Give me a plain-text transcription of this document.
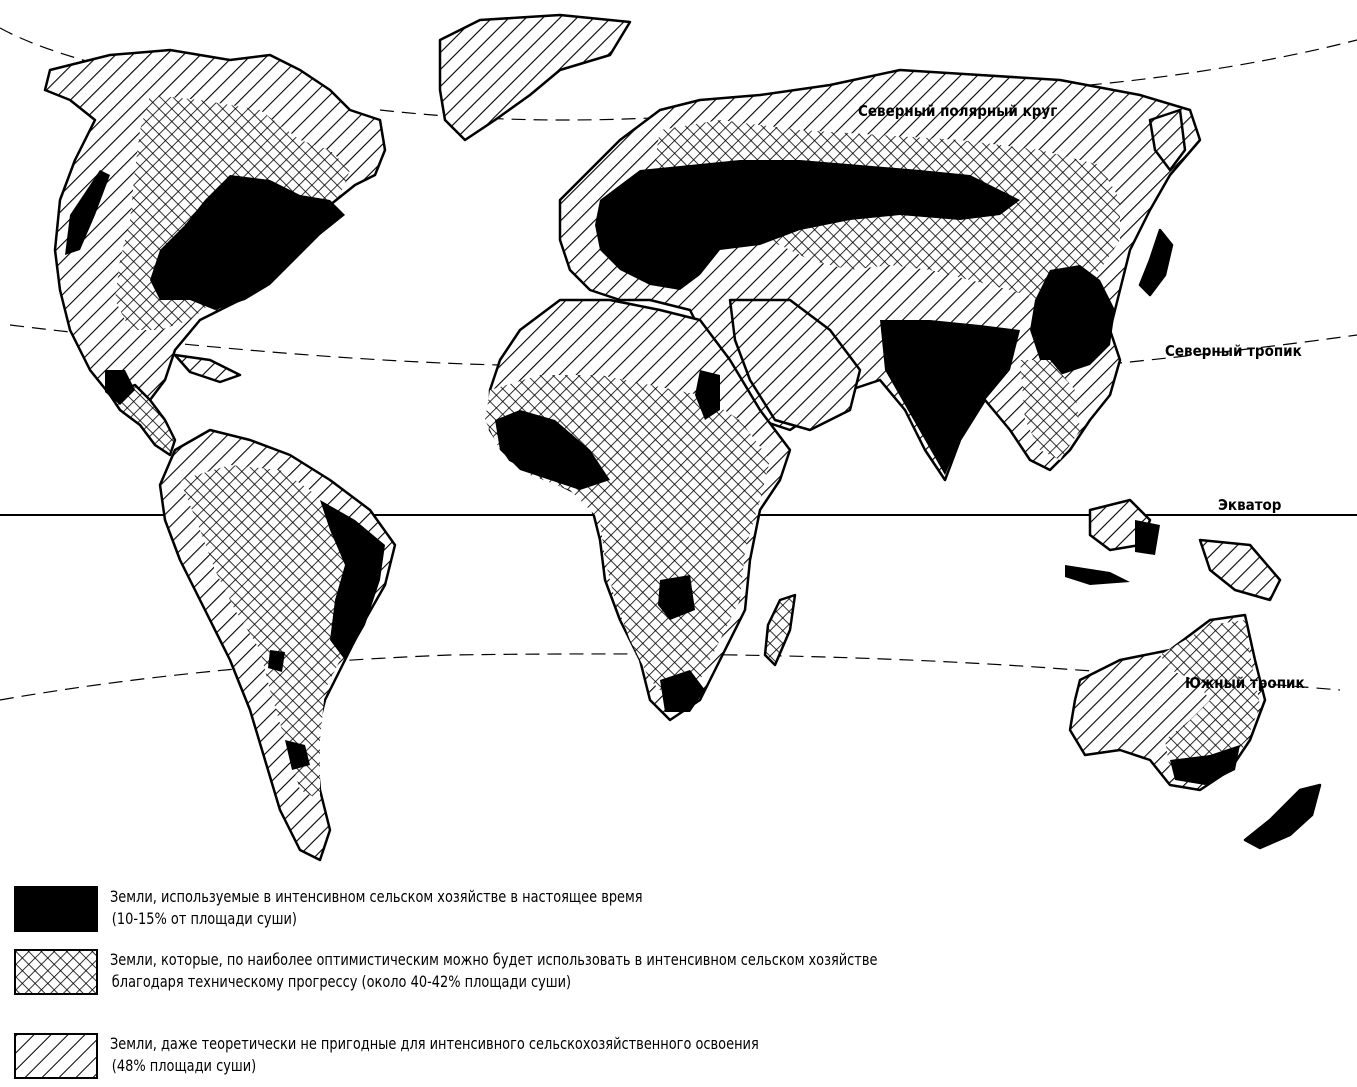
Северный полярный круг
Северный тропик
Экватор
Южный тропик
Земли, используемые в интенсивном сельском хозяйстве в настоящее время
(10-15% от площади суши)
Земли, которые, по наиболее оптимистическим можно будет использовать в интенсивном сельском хозяйстве
благодаря техническому прогрессу (около 40-42% площади суши)
Земли, даже теоретически не пригодные для интенсивного сельскохозяйственного освоения
(48% площади суши)
